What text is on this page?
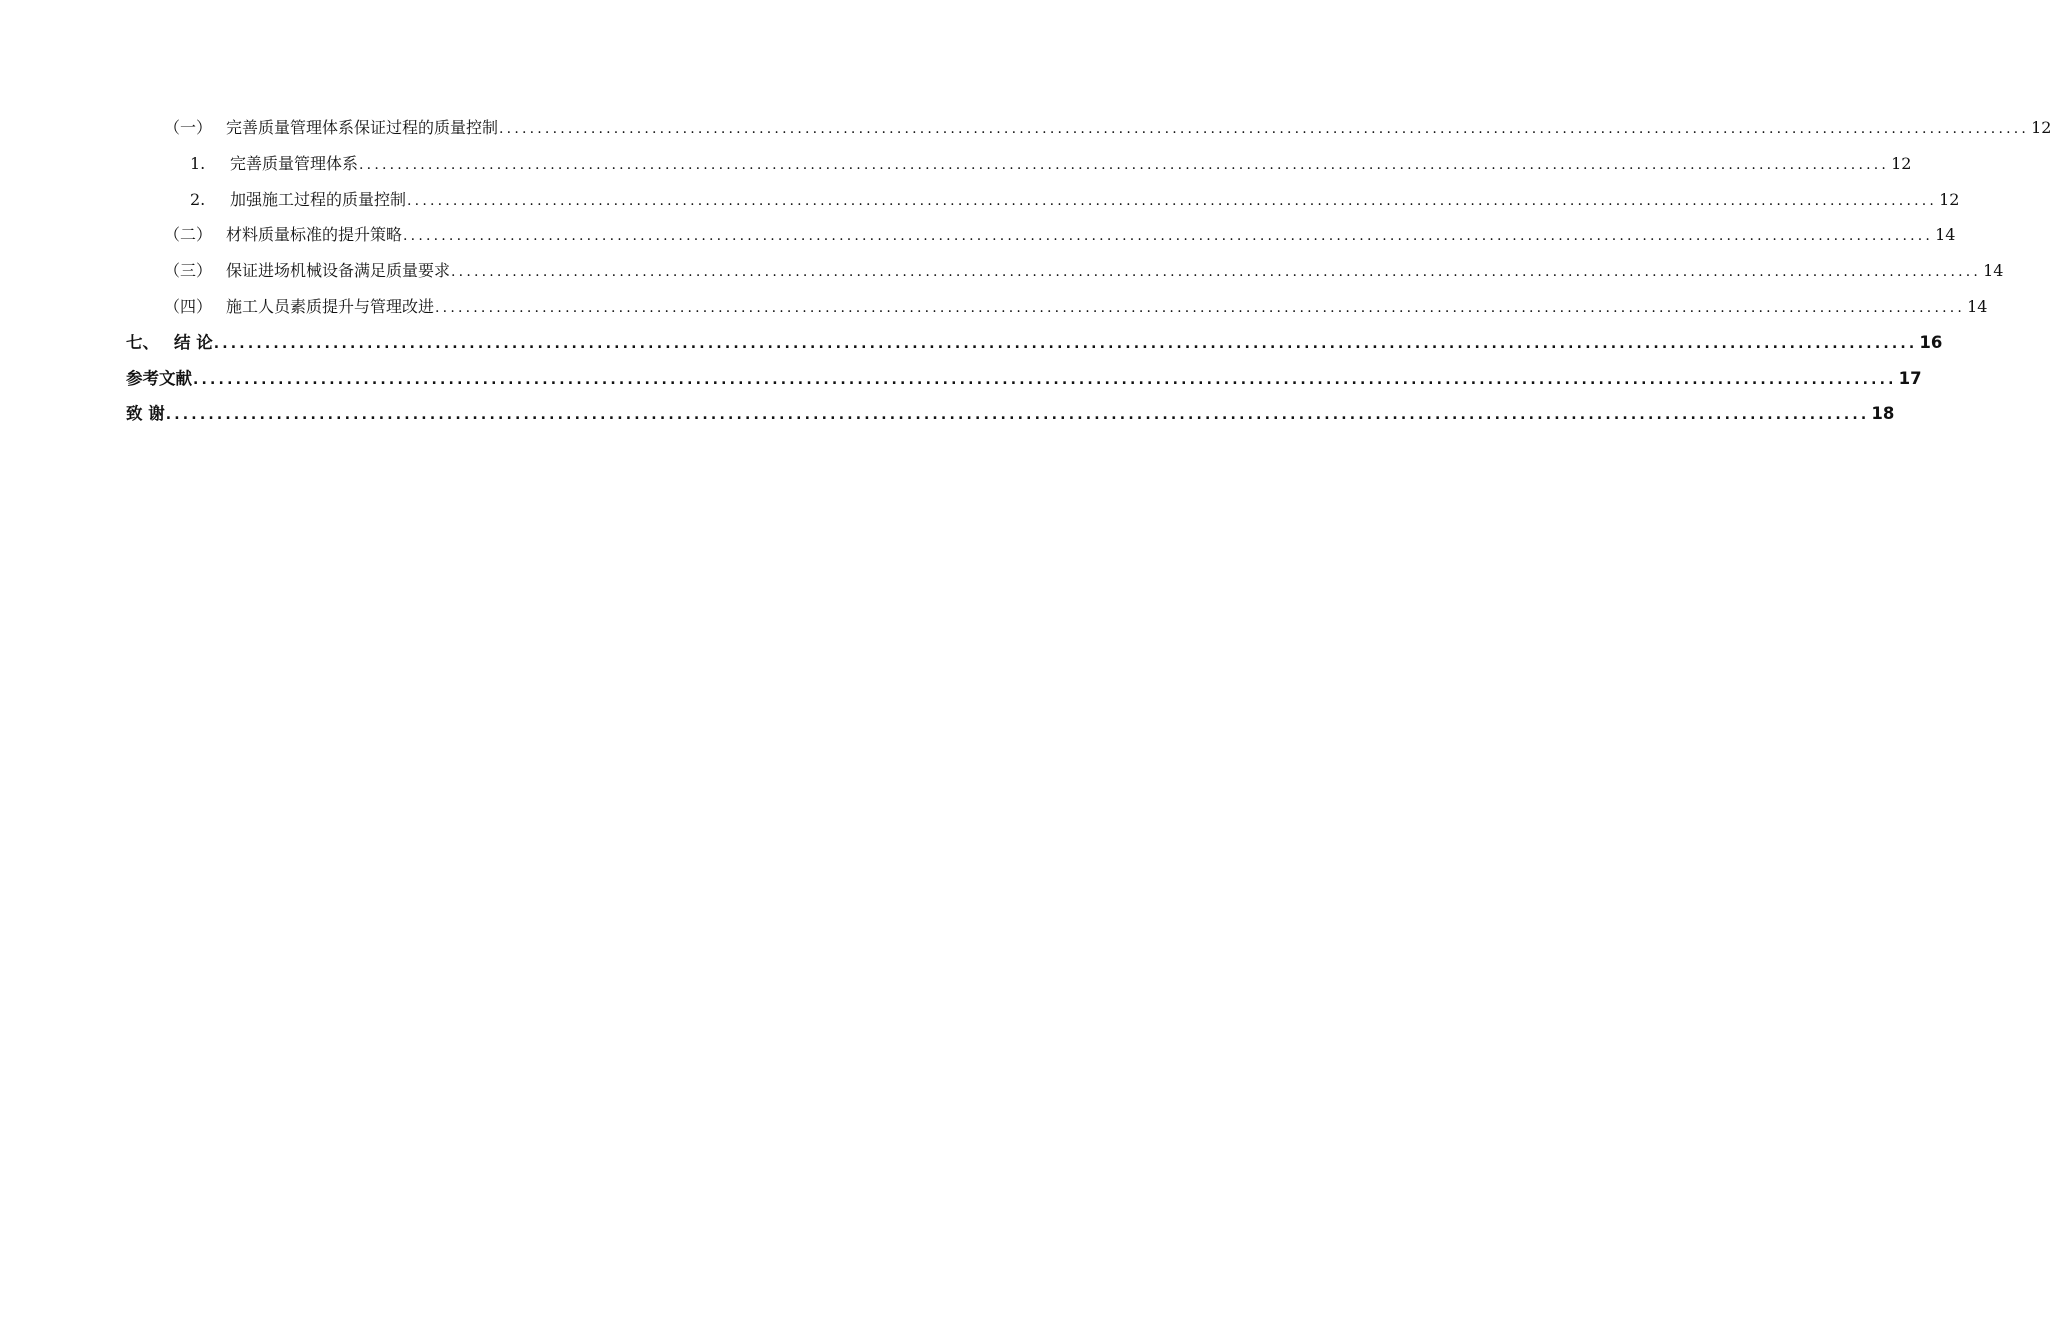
（一） 完善质量管理体系保证过程的质量控制 ........................................................................................................................................................................................................ 12
1.	完善质量管理体系 ........................................................................................................................................................................................................ 12
2.	加强施工过程的质量控制 ........................................................................................................................................................................................................ 12
（二） 材料质量标准的提升策略 ........................................................................................................................................................................................................ 14
（三） 保证进场机械设备满足质量要求 ........................................................................................................................................................................................................ 14
（四） 施工人员素质提升与管理改进 ........................................................................................................................................................................................................ 14
七、 结 论 ........................................................................................................................................................................................................ 16
参考文献 ........................................................................................................................................................................................................ 17
致 谢 ........................................................................................................................................................................................................ 18
